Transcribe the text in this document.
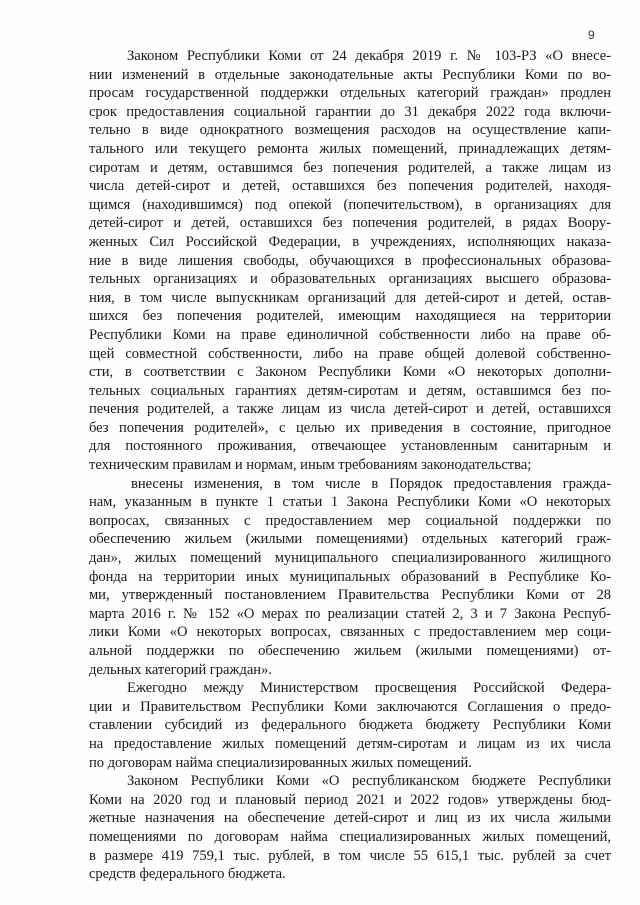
9
Законом Республики Коми от 24 декабря 2019 г. № 103-РЗ «О внесе-
нии изменений в отдельные законодательные акты Республики Коми по во-
просам государственной поддержки отдельных категорий граждан» продлен
срок предоставления социальной гарантии до 31 декабря 2022 года включи-
тельно в виде однократного возмещения расходов на осуществление капи-
тального или текущего ремонта жилых помещений, принадлежащих детям-
сиротам и детям, оставшимся без попечения родителей, а также лицам из
числа детей-сирот и детей, оставшихся без попечения родителей, находя-
щимся (находившимся) под опекой (попечительством), в организациях для
детей-сирот и детей, оставшихся без попечения родителей, в рядах Воору-
женных Сил Российской Федерации, в учреждениях, исполняющих наказа-
ние в виде лишения свободы, обучающихся в профессиональных образова-
тельных организациях и образовательных организациях высшего образова-
ния, в том числе выпускникам организаций для детей-сирот и детей, остав-
шихся без попечения родителей, имеющим находящиеся на территории
Республики Коми на праве единоличной собственности либо на праве об-
щей совместной собственности, либо на праве общей долевой собственно-
сти, в соответствии с Законом Республики Коми «О некоторых дополни-
тельных социальных гарантиях детям-сиротам и детям, оставшимся без по-
печения родителей, а также лицам из числа детей-сирот и детей, оставшихся
без попечения родителей», с целью их приведения в состояние, пригодное
для постоянного проживания, отвечающее установленным санитарным и
техническим правилам и нормам, иным требованиям законодательства;
внесены изменения, в том числе в Порядок предоставления гражда-
нам, указанным в пункте 1 статьи 1 Закона Республики Коми «О некоторых
вопросах, связанных с предоставлением мер социальной поддержки по
обеспечению жильем (жилыми помещениями) отдельных категорий граж-
дан», жилых помещений муниципального специализированного жилищного
фонда на территории иных муниципальных образований в Республике Ко-
ми, утвержденный постановлением Правительства Республики Коми от 28
марта 2016 г. № 152 «О мерах по реализации статей 2, 3 и 7 Закона Респуб-
лики Коми «О некоторых вопросах, связанных с предоставлением мер соци-
альной поддержки по обеспечению жильем (жилыми помещениями) от-
дельных категорий граждан».
Ежегодно между Министерством просвещения Российской Федера-
ции и Правительством Республики Коми заключаются Соглашения о предо-
ставлении субсидий из федерального бюджета бюджету Республики Коми
на предоставление жилых помещений детям-сиротам и лицам из их числа
по договорам найма специализированных жилых помещений.
Законом Республики Коми «О республиканском бюджете Республики
Коми на 2020 год и плановый период 2021 и 2022 годов» утверждены бюд-
жетные назначения на обеспечение детей-сирот и лиц из их числа жилыми
помещениями по договорам найма специализированных жилых помещений,
в размере 419 759,1 тыс. рублей, в том числе 55 615,1 тыс. рублей за счет
средств федерального бюджета.
